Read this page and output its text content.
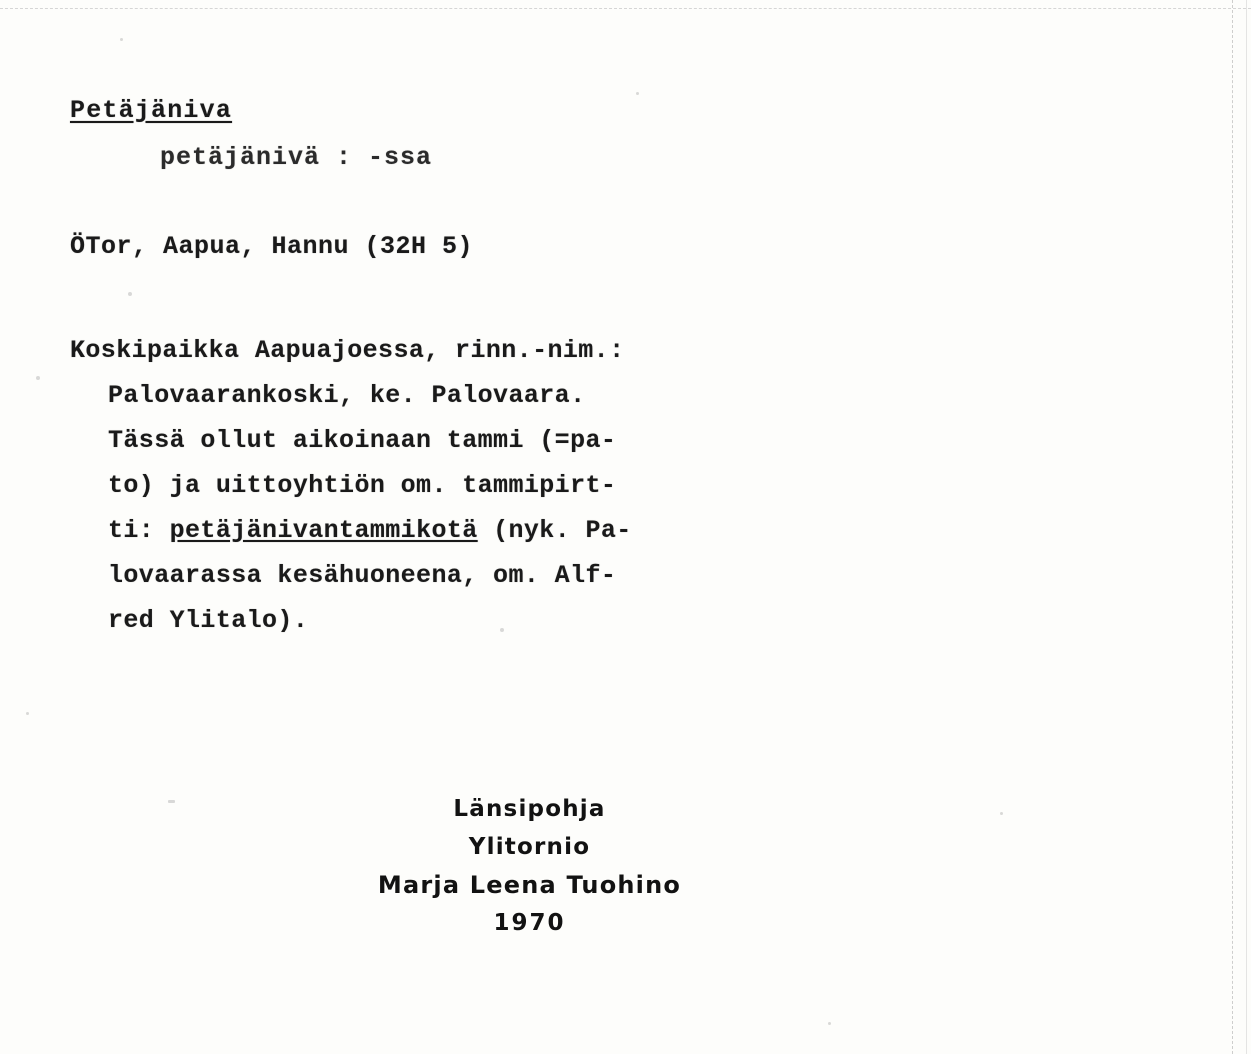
Petäjäniva
petäjänivä : -ssa
ÖTor, Aapua, Hannu (32H 5)
Koskipaikka Aapuajoessa, rinn.-nim.:
Palovaarankoski, ke. Palovaara.
Tässä ollut aikoinaan tammi (=pa-
to) ja uittoyhtiön om. tammipirt-
ti: petäjänivantammikotä (nyk. Pa-
lovaarassa kesähuoneena, om. Alf-
red Ylitalo).
Länsipohja
Ylitornio
Marja Leena Tuohino
1970
